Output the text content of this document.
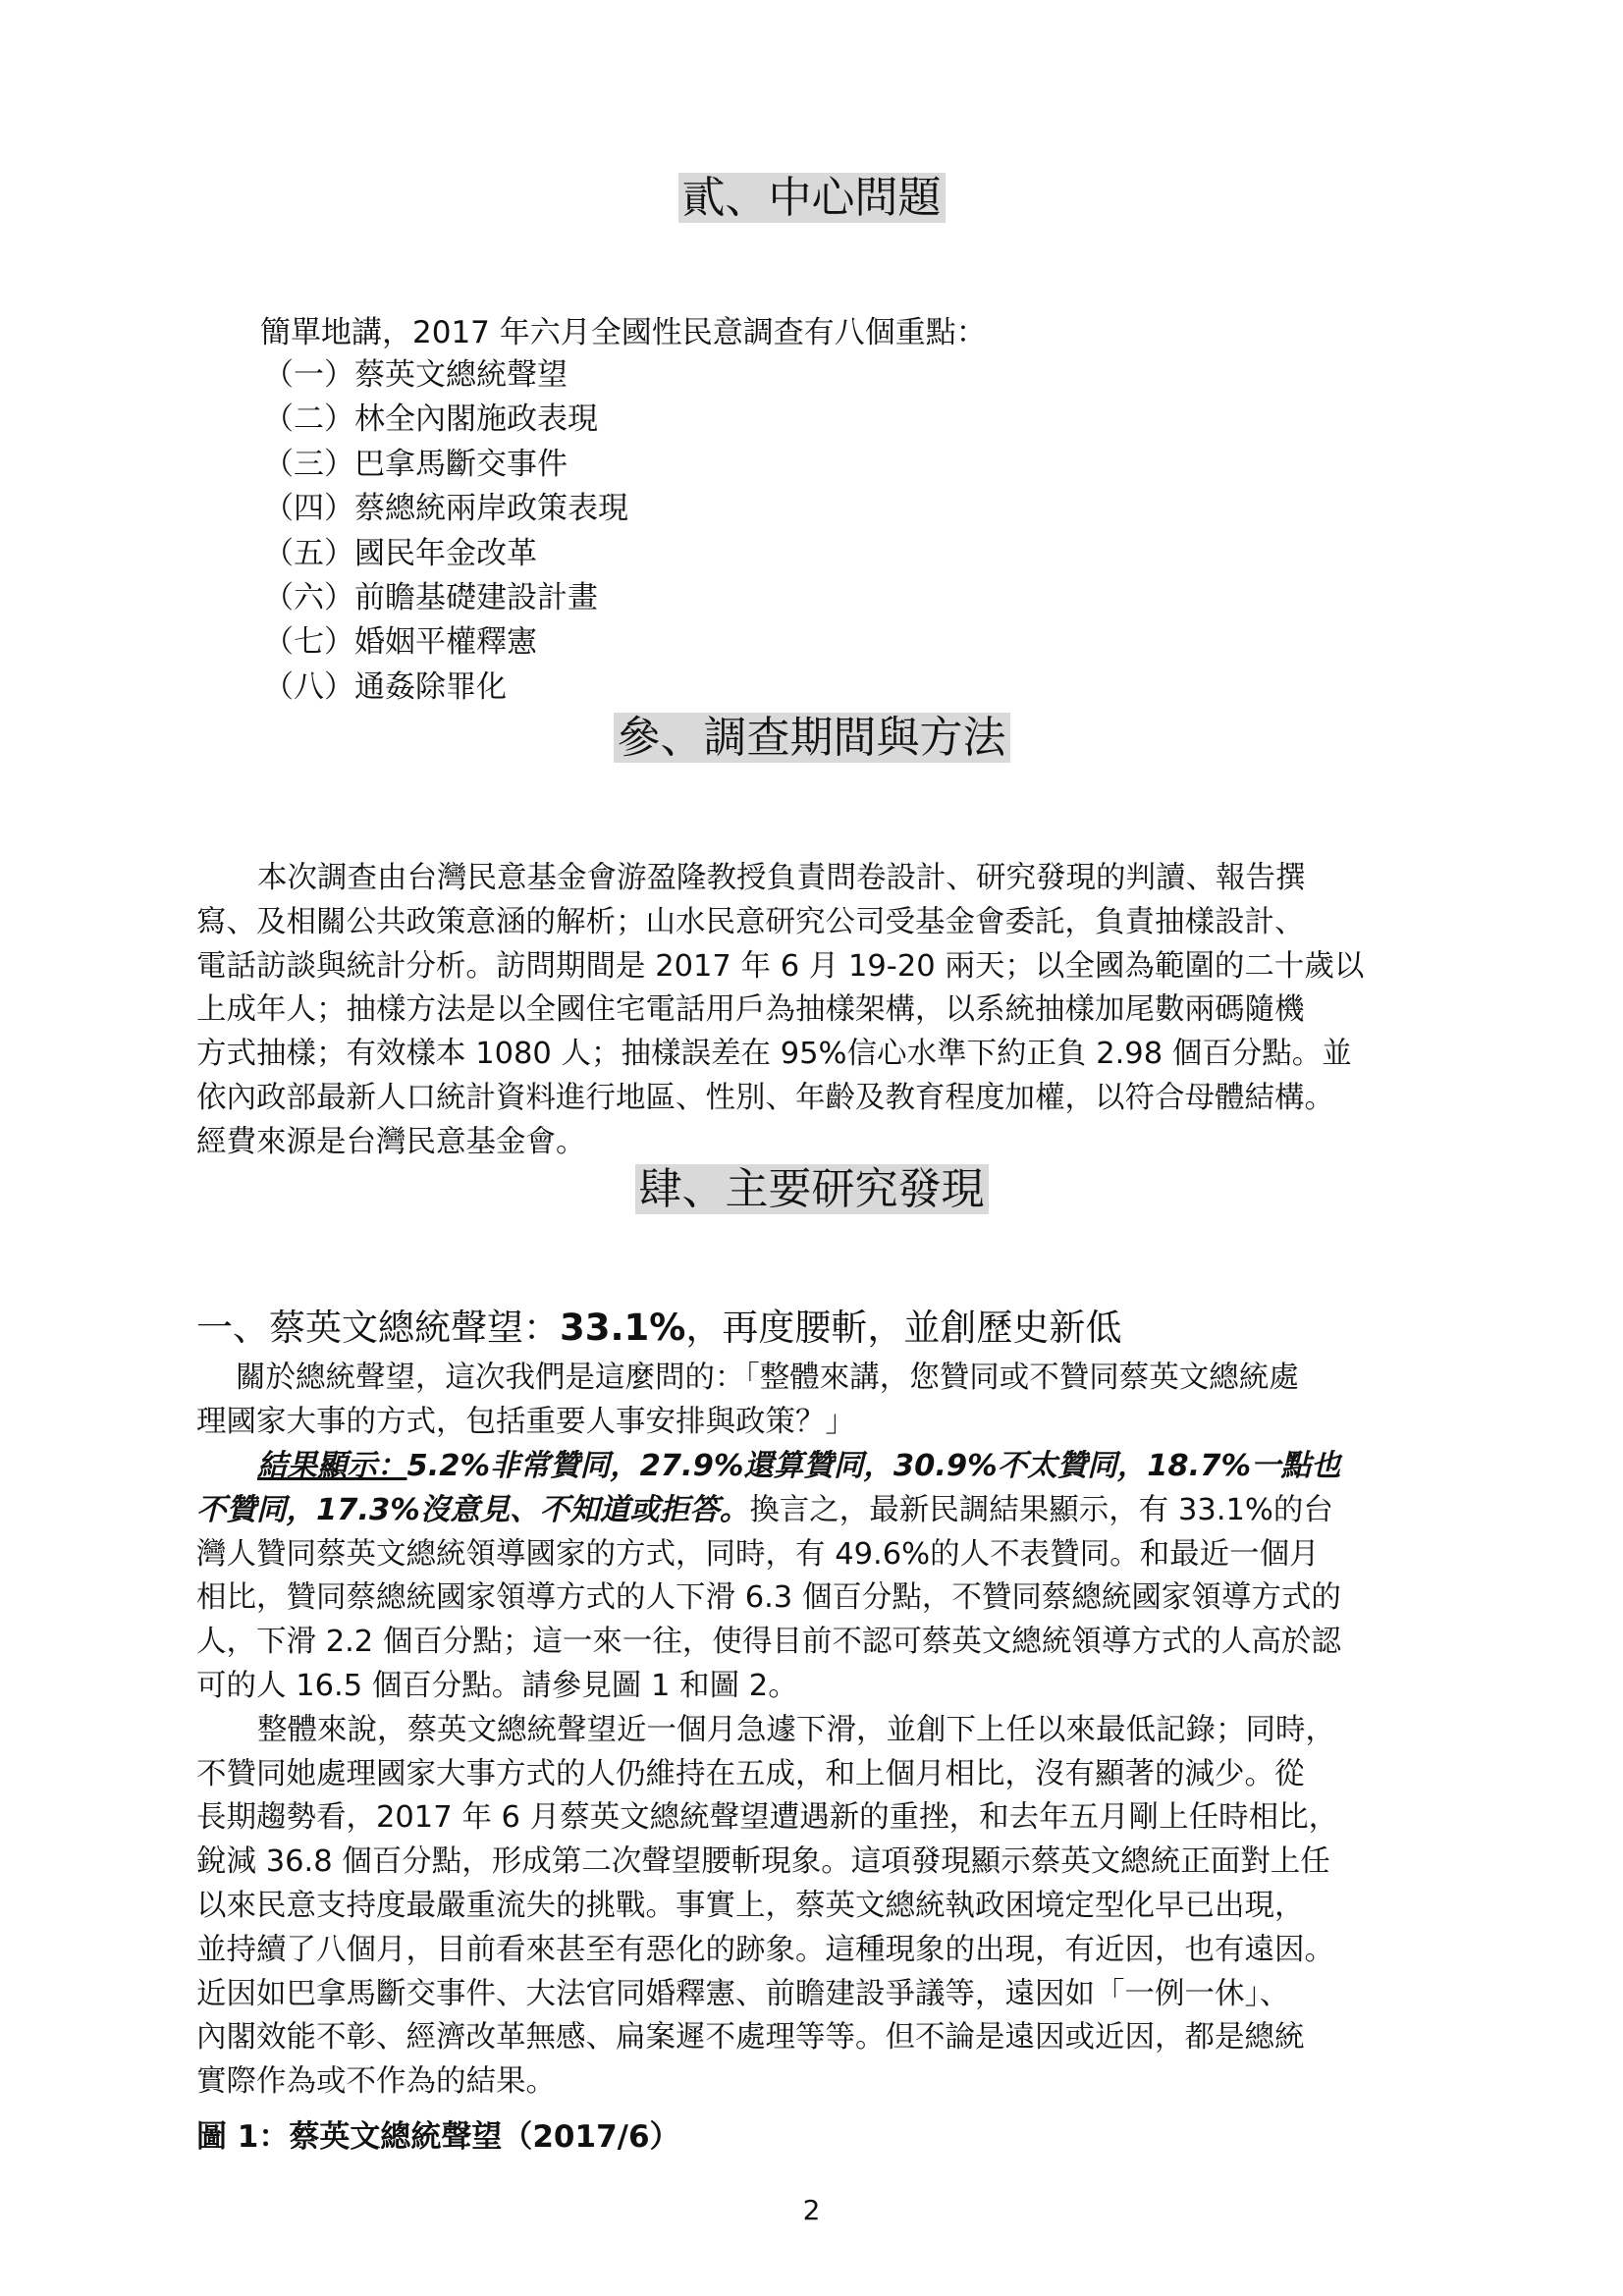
貳、中心問題
簡單地講，2017 年六月全國性民意調查有八個重點：
（一）蔡英文總統聲望
（二）林全內閣施政表現
（三）巴拿馬斷交事件
（四）蔡總統兩岸政策表現
（五）國民年金改革
（六）前瞻基礎建設計畫
（七）婚姻平權釋憲
（八）通姦除罪化
參、調查期間與方法
本次調查由台灣民意基金會游盈隆教授負責問卷設計、研究發現的判讀、報告撰
寫、及相關公共政策意涵的解析；山水民意研究公司受基金會委託，負責抽樣設計、
電話訪談與統計分析。訪問期間是 2017 年 6 月 19-20 兩天；以全國為範圍的二十歲以
上成年人；抽樣方法是以全國住宅電話用戶為抽樣架構，以系統抽樣加尾數兩碼隨機
方式抽樣；有效樣本 1080 人；抽樣誤差在 95%信心水準下約正負 2.98 個百分點。並
依內政部最新人口統計資料進行地區、性別、年齡及教育程度加權，以符合母體結構。
經費來源是台灣民意基金會。
肆、主要研究發現
一、蔡英文總統聲望：33.1%，再度腰斬，並創歷史新低
關於總統聲望，這次我們是這麼問的：「整體來講，您贊同或不贊同蔡英文總統處
理國家大事的方式，包括重要人事安排與政策？」
結果顯示：5.2%非常贊同，27.9%還算贊同，30.9%不太贊同，18.7%一點也
不贊同，17.3%沒意見、不知道或拒答。換言之，最新民調結果顯示，有 33.1%的台
灣人贊同蔡英文總統領導國家的方式，同時，有 49.6%的人不表贊同。和最近一個月
相比，贊同蔡總統國家領導方式的人下滑 6.3 個百分點，不贊同蔡總統國家領導方式的
人，下滑 2.2 個百分點；這一來一往，使得目前不認可蔡英文總統領導方式的人高於認
可的人 16.5 個百分點。請參見圖 1 和圖 2。
整體來說，蔡英文總統聲望近一個月急遽下滑，並創下上任以來最低記錄；同時，
不贊同她處理國家大事方式的人仍維持在五成，和上個月相比，沒有顯著的減少。從
長期趨勢看，2017 年 6 月蔡英文總統聲望遭遇新的重挫，和去年五月剛上任時相比，
銳減 36.8 個百分點，形成第二次聲望腰斬現象。這項發現顯示蔡英文總統正面對上任
以來民意支持度最嚴重流失的挑戰。事實上，蔡英文總統執政困境定型化早已出現，
並持續了八個月，目前看來甚至有惡化的跡象。這種現象的出現，有近因，也有遠因。
近因如巴拿馬斷交事件、大法官同婚釋憲、前瞻建設爭議等，遠因如「一例一休」、
內閣效能不彰、經濟改革無感、扁案遲不處理等等。但不論是遠因或近因，都是總統
實際作為或不作為的結果。
圖 1：蔡英文總統聲望（2017/6）
2
